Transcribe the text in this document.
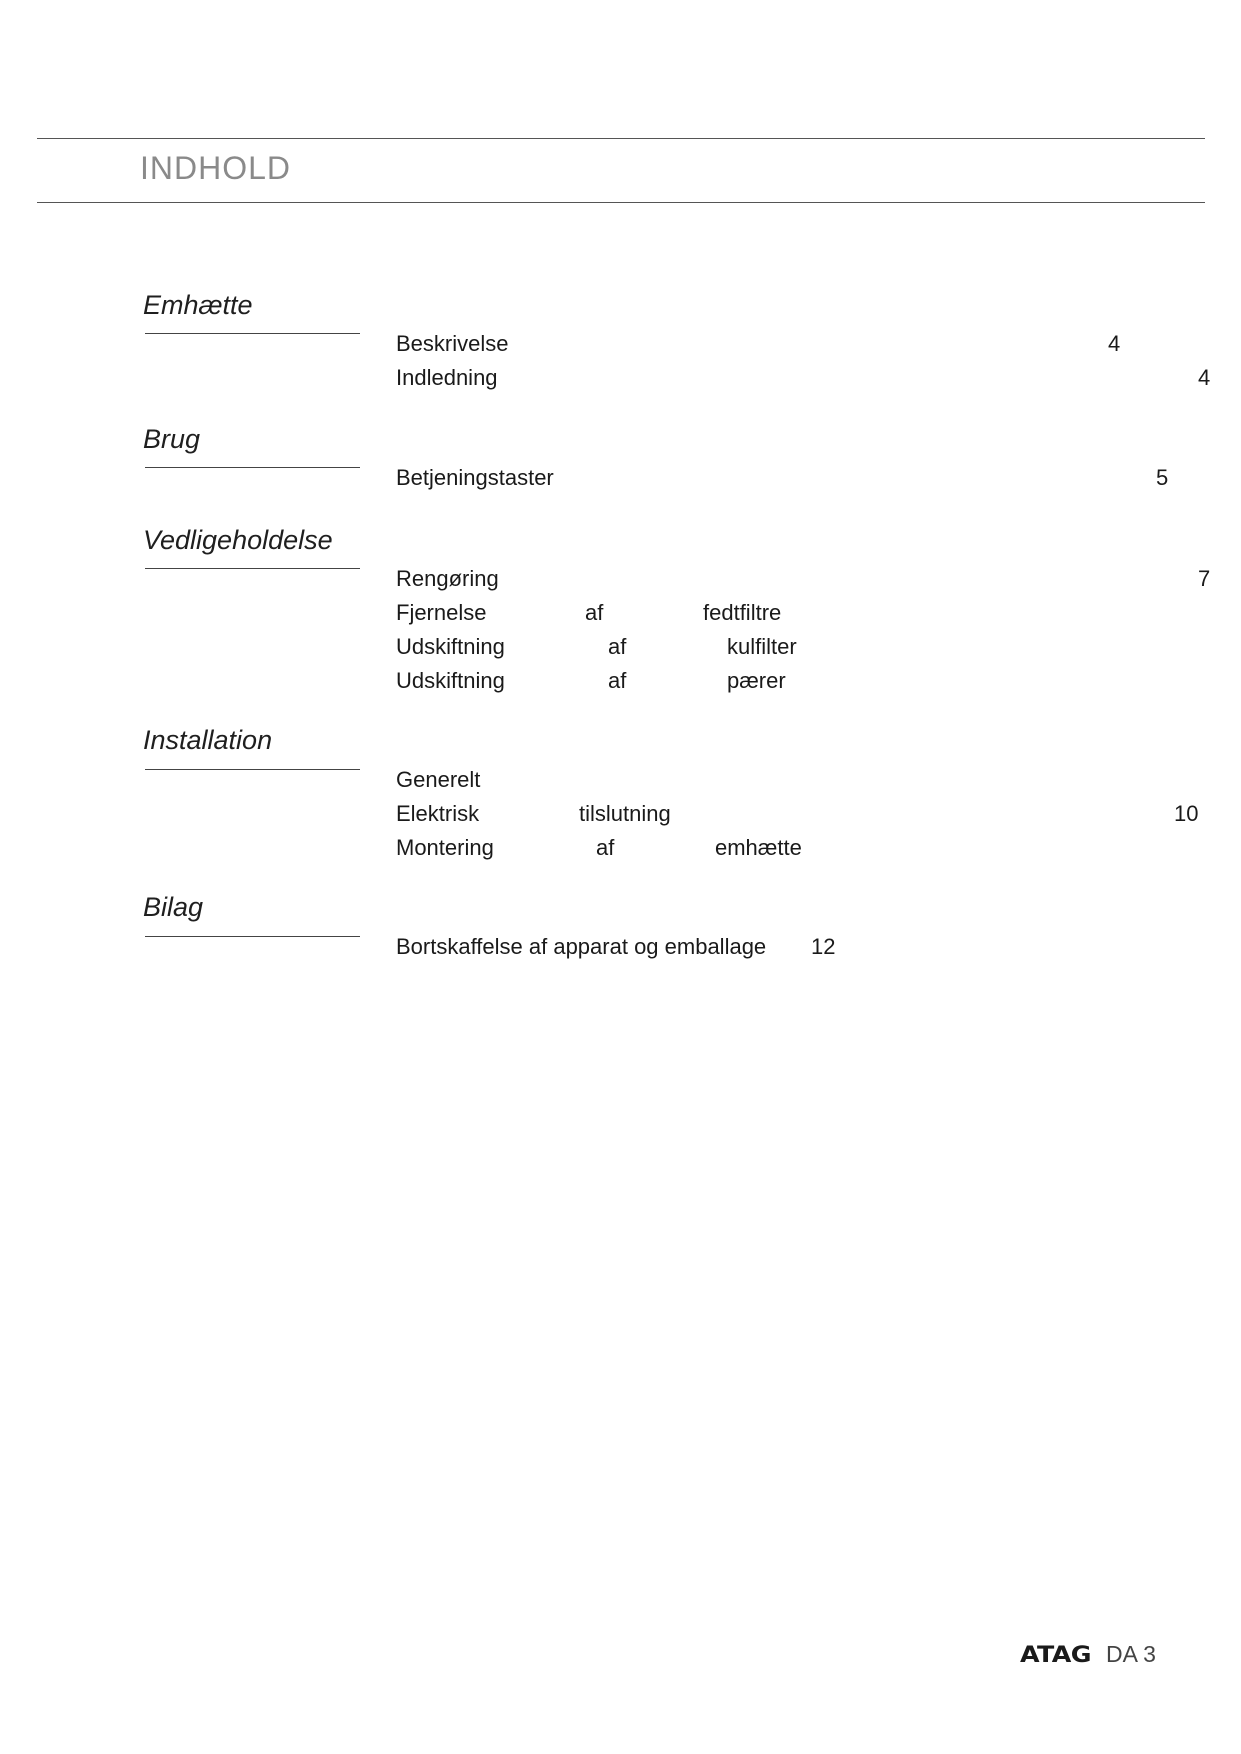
INDHOLD
Emhætte
Beskrivelse	4
Indledning	4
Brug
Betjeningstaster	5
Vedligeholdelse
Rengøring	7
Fjernelse	af	fedtfiltre
Udskiftning	af	kulfilter
Udskiftning	af	pærer
Installation
Generelt
Elektrisk	tilslutning	10
Montering	af	emhætte
Bilag
Bortskaffelse af apparat og emballage 12
ATAG DA 3
